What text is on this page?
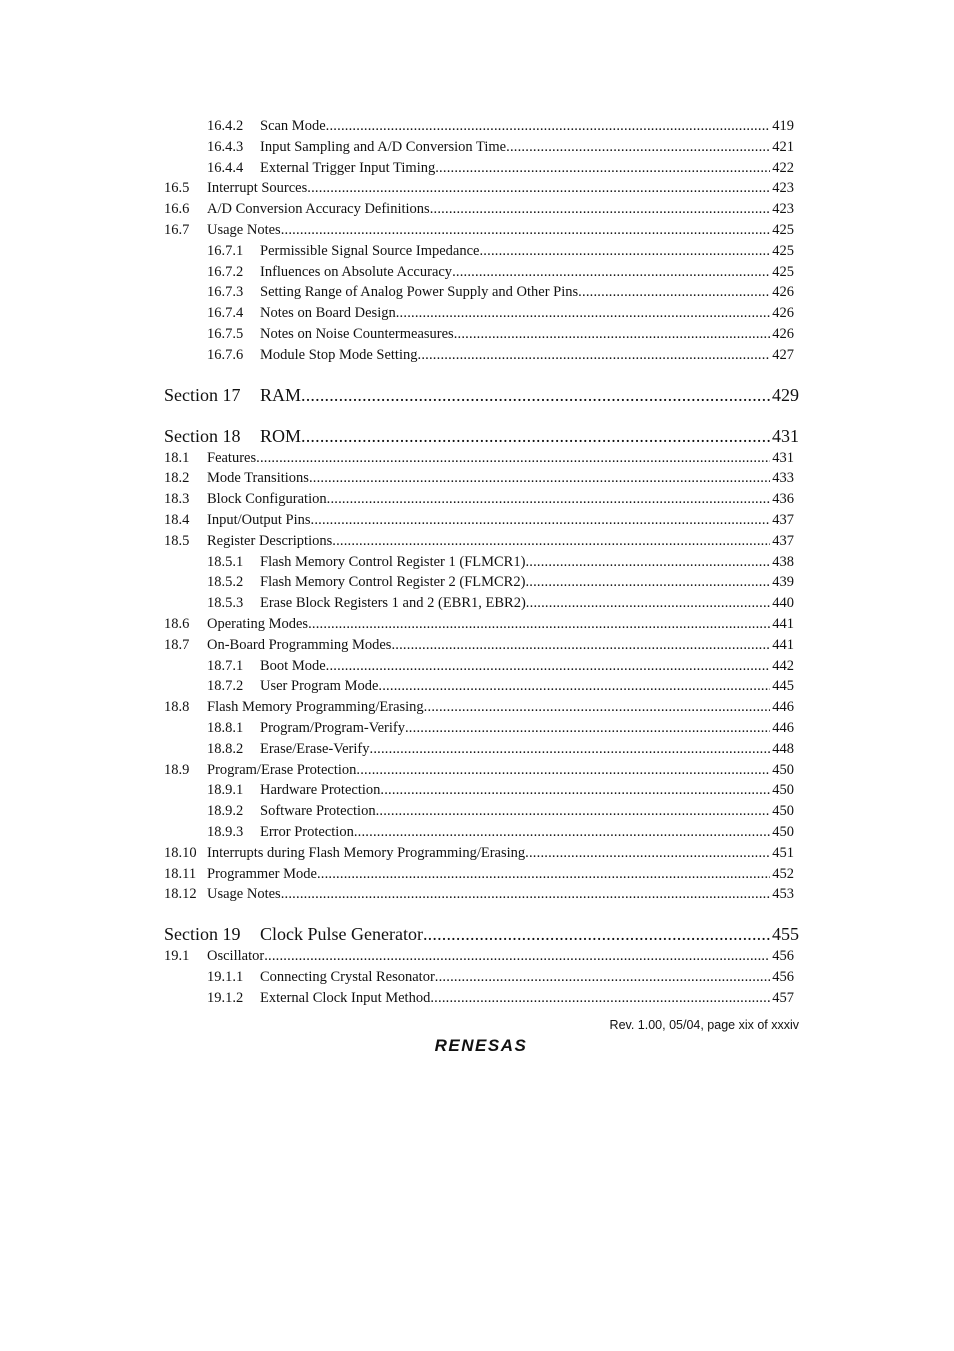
16.4.2	Scan Mode .....	419
16.4.3	Input Sampling and A/D Conversion Time .....	421
16.4.4	External Trigger Input Timing .....	422
16.5	Interrupt Sources .....	423
16.6	A/D Conversion Accuracy Definitions .....	423
16.7	Usage Notes .....	425
16.7.1	Permissible Signal Source Impedance .....	425
16.7.2	Influences on Absolute Accuracy .....	425
16.7.3	Setting Range of Analog Power Supply and Other Pins .....	426
16.7.4	Notes on Board Design .....	426
16.7.5	Notes on Noise Countermeasures .....	426
16.7.6	Module Stop Mode Setting .....	427
Section 17	RAM .....	429
Section 18	ROM .....	431
18.1	Features .....	431
18.2	Mode Transitions .....	433
18.3	Block Configuration .....	436
18.4	Input/Output Pins .....	437
18.5	Register Descriptions .....	437
18.5.1	Flash Memory Control Register 1 (FLMCR1) .....	438
18.5.2	Flash Memory Control Register 2 (FLMCR2) .....	439
18.5.3	Erase Block Registers 1 and 2 (EBR1, EBR2) .....	440
18.6	Operating Modes .....	441
18.7	On-Board Programming Modes .....	441
18.7.1	Boot Mode .....	442
18.7.2	User Program Mode .....	445
18.8	Flash Memory Programming/Erasing .....	446
18.8.1	Program/Program-Verify .....	446
18.8.2	Erase/Erase-Verify .....	448
18.9	Program/Erase Protection .....	450
18.9.1	Hardware Protection .....	450
18.9.2	Software Protection .....	450
18.9.3	Error Protection .....	450
18.10 Interrupts during Flash Memory Programming/Erasing .....	451
18.11 Programmer Mode .....	452
18.12 Usage Notes .....	453
Section 19	Clock Pulse Generator .....	455
19.1	Oscillator .....	456
19.1.1	Connecting Crystal Resonator .....	456
19.1.2	External Clock Input Method .....	457
Rev. 1.00, 05/04, page xix of xxxiv
RENESAS
